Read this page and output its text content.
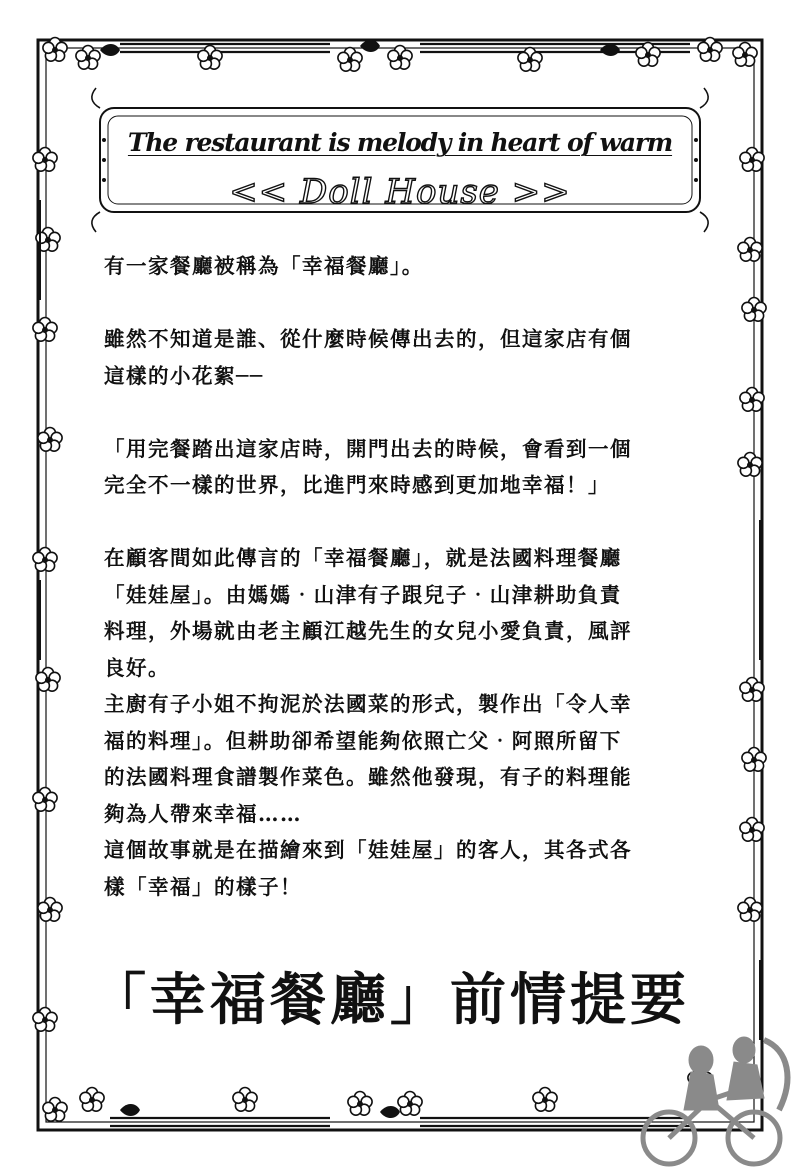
The restaurant is melody in heart of warm
<< Doll House >>

有一家餐廳被稱為「幸福餐廳」。

雖然不知道是誰、從什麼時候傳出去的，但這家店有個
這樣的小花絮──

「用完餐踏出這家店時，開門出去的時候，會看到一個
完全不一樣的世界，比進門來時感到更加地幸福！」

在顧客間如此傳言的「幸福餐廳」，就是法國料理餐廳
「娃娃屋」。由媽媽‧山津有子跟兒子‧山津耕助負責
料理，外場就由老主顧江越先生的女兒小愛負責，風評
良好。

主廚有子小姐不拘泥於法國菜的形式，製作出「令人幸
福的料理」。但耕助卻希望能夠依照亡父‧阿照所留下
的法國料理食譜製作菜色。雖然他發現，有子的料理能
夠為人帶來幸福……

這個故事就是在描繪來到「娃娃屋」的客人，其各式各
樣「幸福」的樣子！

「幸福餐廳」前情提要
